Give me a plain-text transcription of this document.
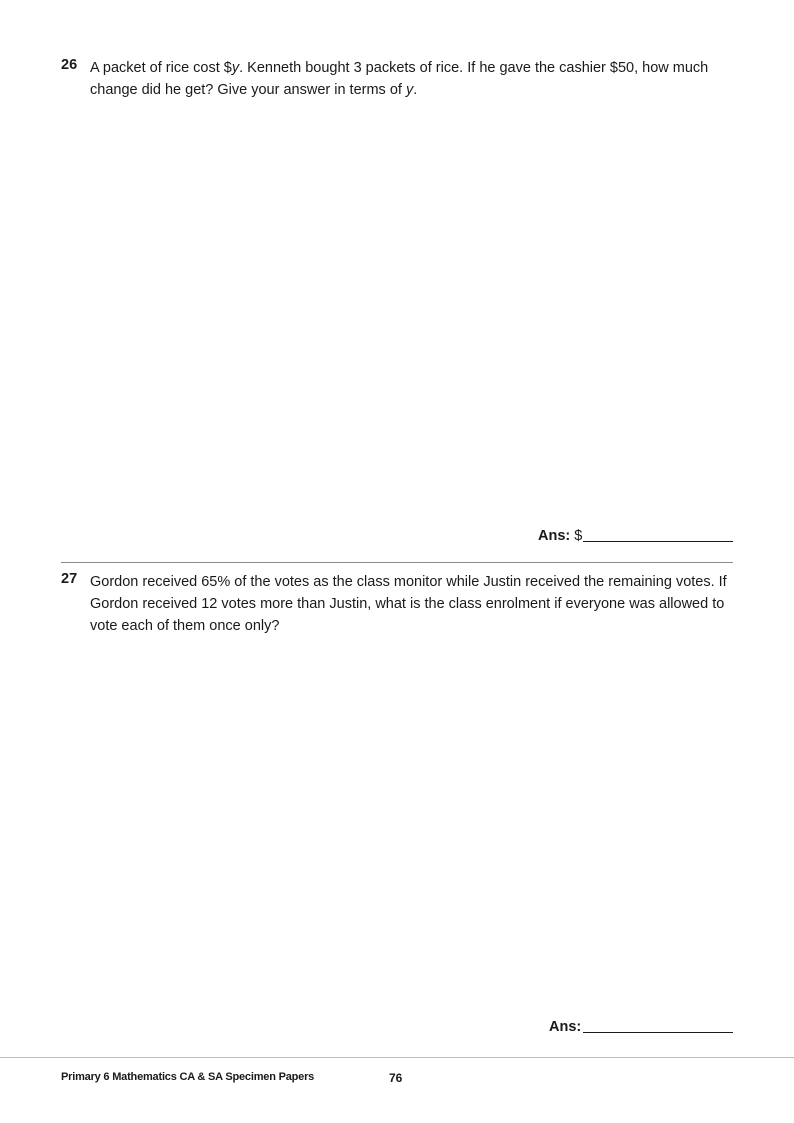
26 A packet of rice cost $y. Kenneth bought 3 packets of rice. If he gave the cashier $50, how much change did he get? Give your answer in terms of y.
Ans: $
27 Gordon received 65% of the votes as the class monitor while Justin received the remaining votes. If Gordon received 12 votes more than Justin, what is the class enrolment if everyone was allowed to vote each of them once only?
Ans:
Primary 6 Mathematics CA & SA Specimen Papers	76
